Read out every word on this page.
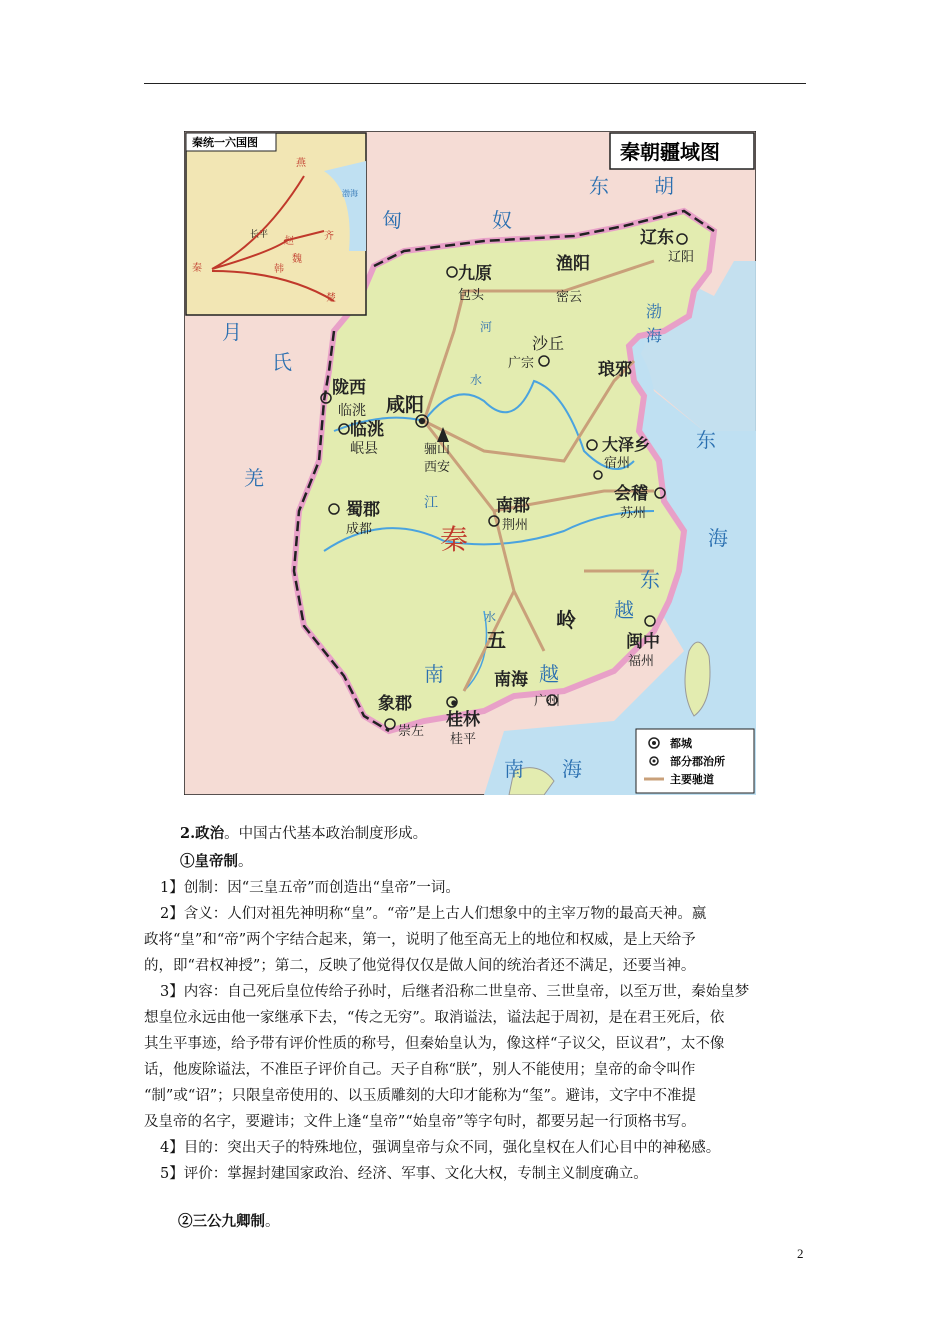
秦统一六国图
燕
赵
魏
韩
齐
楚
秦
长平
渤海
秦朝疆域图
东 胡
匈	奴
月
氏
羌
渤
海
东
海
东
越
南	越
南 海
河
水
江
水
秦
五
岭
九原
包头
渔阳
密云
辽东
辽阳
沙丘
广宗
陇西
临洮
临洮
岷县
咸阳
西安
骊山
琅邪
大泽乡
宿州
会稽
苏州
蜀郡
成都
南郡
荆州
闽中
福州
南海
广州
桂林
桂平
象郡
崇左
都城
部分郡治所
主要驰道
2.政治。中国古代基本政治制度形成。
①皇帝制。
1】创制：因“三皇五帝”而创造出“皇帝”一词。
2】含义：人们对祖先神明称“皇”。“帝”是上古人们想象中的主宰万物的最高天神。嬴
政将“皇”和“帝”两个字结合起来，第一，说明了他至高无上的地位和权威，是上天给予
的，即“君权神授”；第二，反映了他觉得仅仅是做人间的统治者还不满足，还要当神。
3】内容：自己死后皇位传给子孙时，后继者沿称二世皇帝、三世皇帝，以至万世，秦始皇梦
想皇位永远由他一家继承下去，“传之无穷”。取消谥法，谥法起于周初，是在君王死后，依
其生平事迹，给予带有评价性质的称号，但秦始皇认为，像这样“子议父，臣议君”，太不像
话，他废除谥法，不准臣子评价自己。天子自称“朕”，别人不能使用；皇帝的命令叫作
“制”或“诏”；只限皇帝使用的、以玉质雕刻的大印才能称为“玺”。避讳，文字中不准提
及皇帝的名字，要避讳；文件上逢“皇帝”“始皇帝”等字句时，都要另起一行顶格书写。
4】目的：突出天子的特殊地位，强调皇帝与众不同，强化皇权在人们心目中的神秘感。
5】评价：掌握封建国家政治、经济、军事、文化大权，专制主义制度确立。
②三公九卿制。
2
